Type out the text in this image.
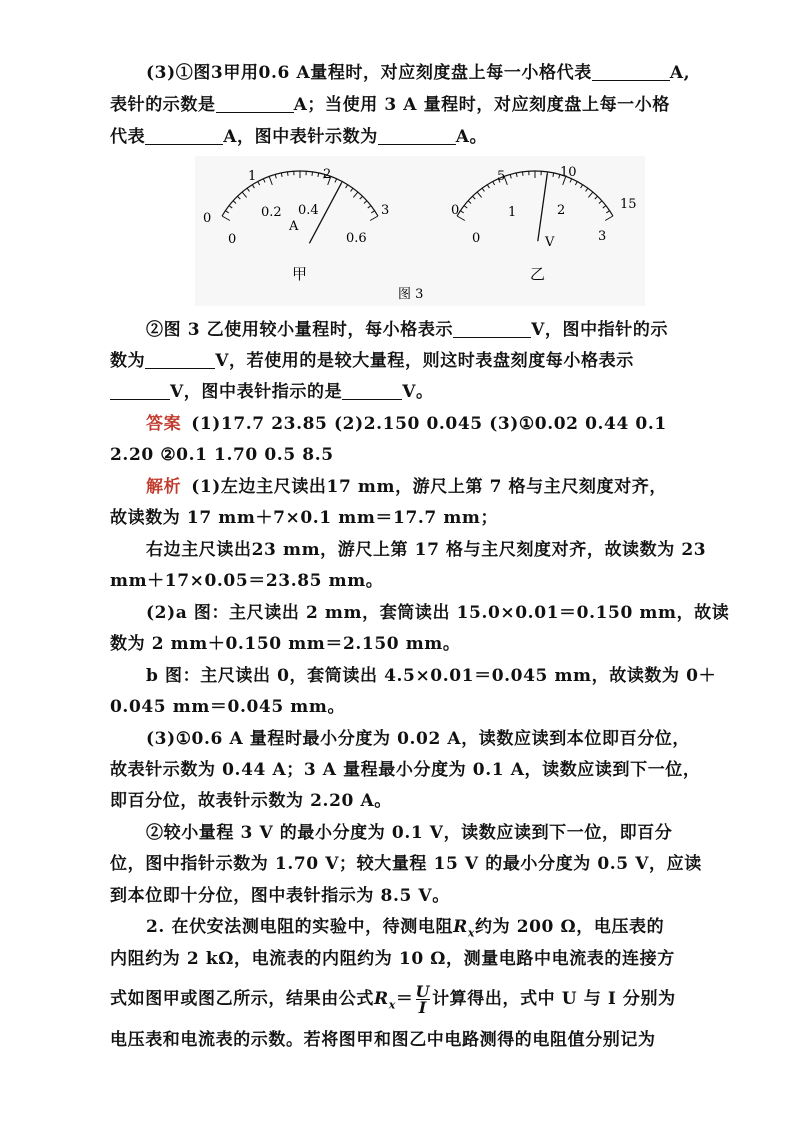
(3)①图3甲用0.6 A量程时，对应刻度盘上每一小格代表	A,
表针的示数是	A；当使用 3 A 量程时，对应刻度盘上每一小格
代表	A，图中表针示数为	A。
0
1	2
3
0
0.2 0.4
0.6
0
5	10
15
0
1	2
3
A
甲
V
乙
图 3
②图 3 乙使用较小量程时，每小格表示	V，图中指针的示
数为	V，若使用的是较大量程，则这时表盘刻度每小格表示
V，图中表针指示的是	V。
答案 (1)17.7 23.85 (2)2.150 0.045 (3)①0.02 0.44 0.1
2.20 ②0.1 1.70 0.5 8.5
解析 (1)左边主尺读出17 mm，游尺上第 7 格与主尺刻度对齐，
故读数为 17 mm＋7×0.1 mm＝17.7 mm；
右边主尺读出23 mm，游尺上第 17 格与主尺刻度对齐，故读数为 23
mm＋17×0.05＝23.85 mm。
(2)a 图：主尺读出 2 mm，套筒读出 15.0×0.01＝0.150 mm，故读
数为 2 mm＋0.150 mm＝2.150 mm。
b 图：主尺读出 0，套筒读出 4.5×0.01＝0.045 mm，故读数为 0＋
0.045 mm＝0.045 mm。
(3)①0.6 A 量程时最小分度为 0.02 A，读数应读到本位即百分位，
故表针示数为 0.44 A；3 A 量程最小分度为 0.1 A，读数应读到下一位，
即百分位，故表针示数为 2.20 A。
②较小量程 3 V 的最小分度为 0.1 V，读数应读到下一位，即百分
位，图中指针示数为 1.70 V；较大量程 15 V 的最小分度为 0.5 V，应读
到本位即十分位，图中表针指示为 8.5 V。
2. 在伏安法测电阻的实验中，待测电阻$R_x$约为 200 Ω，电压表的
内阻约为 2 kΩ，电流表的内阻约为 10 Ω，测量电路中电流表的连接方
式如图甲或图乙所示，结果由公式$R_x= \frac{U}{I}$ 计算得出，式中 U 与 I 分别为
电压表和电流表的示数。若将图甲和图乙中电路测得的电阻值分别记为
